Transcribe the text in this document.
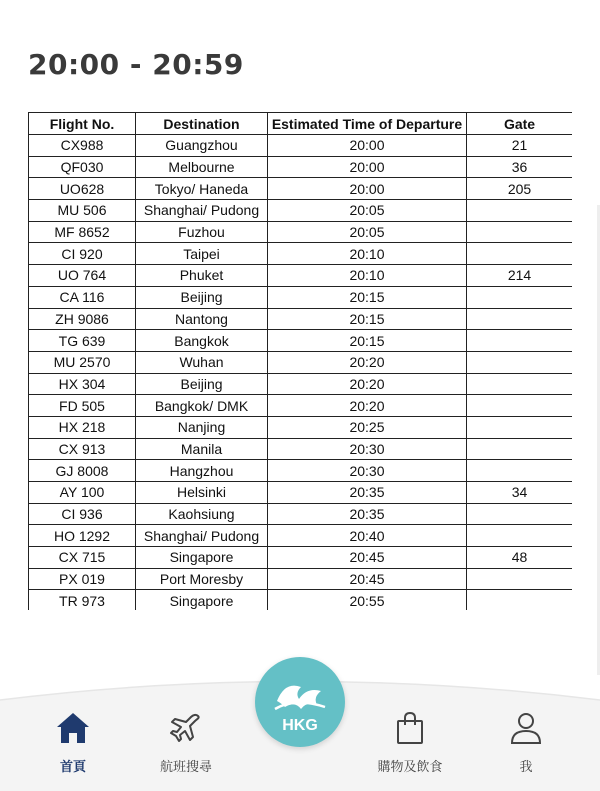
20:00 - 20:59
Flight No.	Destination	Estimated Time of Departure	Gate
CX988	Guangzhou	20:00	21
QF030	Melbourne	20:00	36
UO628	Tokyo/ Haneda	20:00	205
MU 506	Shanghai/ Pudong	20:05	
MF 8652	Fuzhou	20:05	
CI 920	Taipei	20:10	
UO 764	Phuket	20:10	214
CA 116	Beijing	20:15	
ZH 9086	Nantong	20:15	
TG 639	Bangkok	20:15	
MU 2570	Wuhan	20:20	
HX 304	Beijing	20:20	
FD 505	Bangkok/ DMK	20:20	
HX 218	Nanjing	20:25	
CX 913	Manila	20:30	
GJ 8008	Hangzhou	20:30	
AY 100	Helsinki	20:35	34
CI 936	Kaohsiung	20:35	
HO 1292	Shanghai/ Pudong	20:40	
CX 715	Singapore	20:45	48
PX 019	Port Moresby	20:45	
TR 973	Singapore	20:55	
首頁	航班搜尋	購物及飲食	我
HKG
